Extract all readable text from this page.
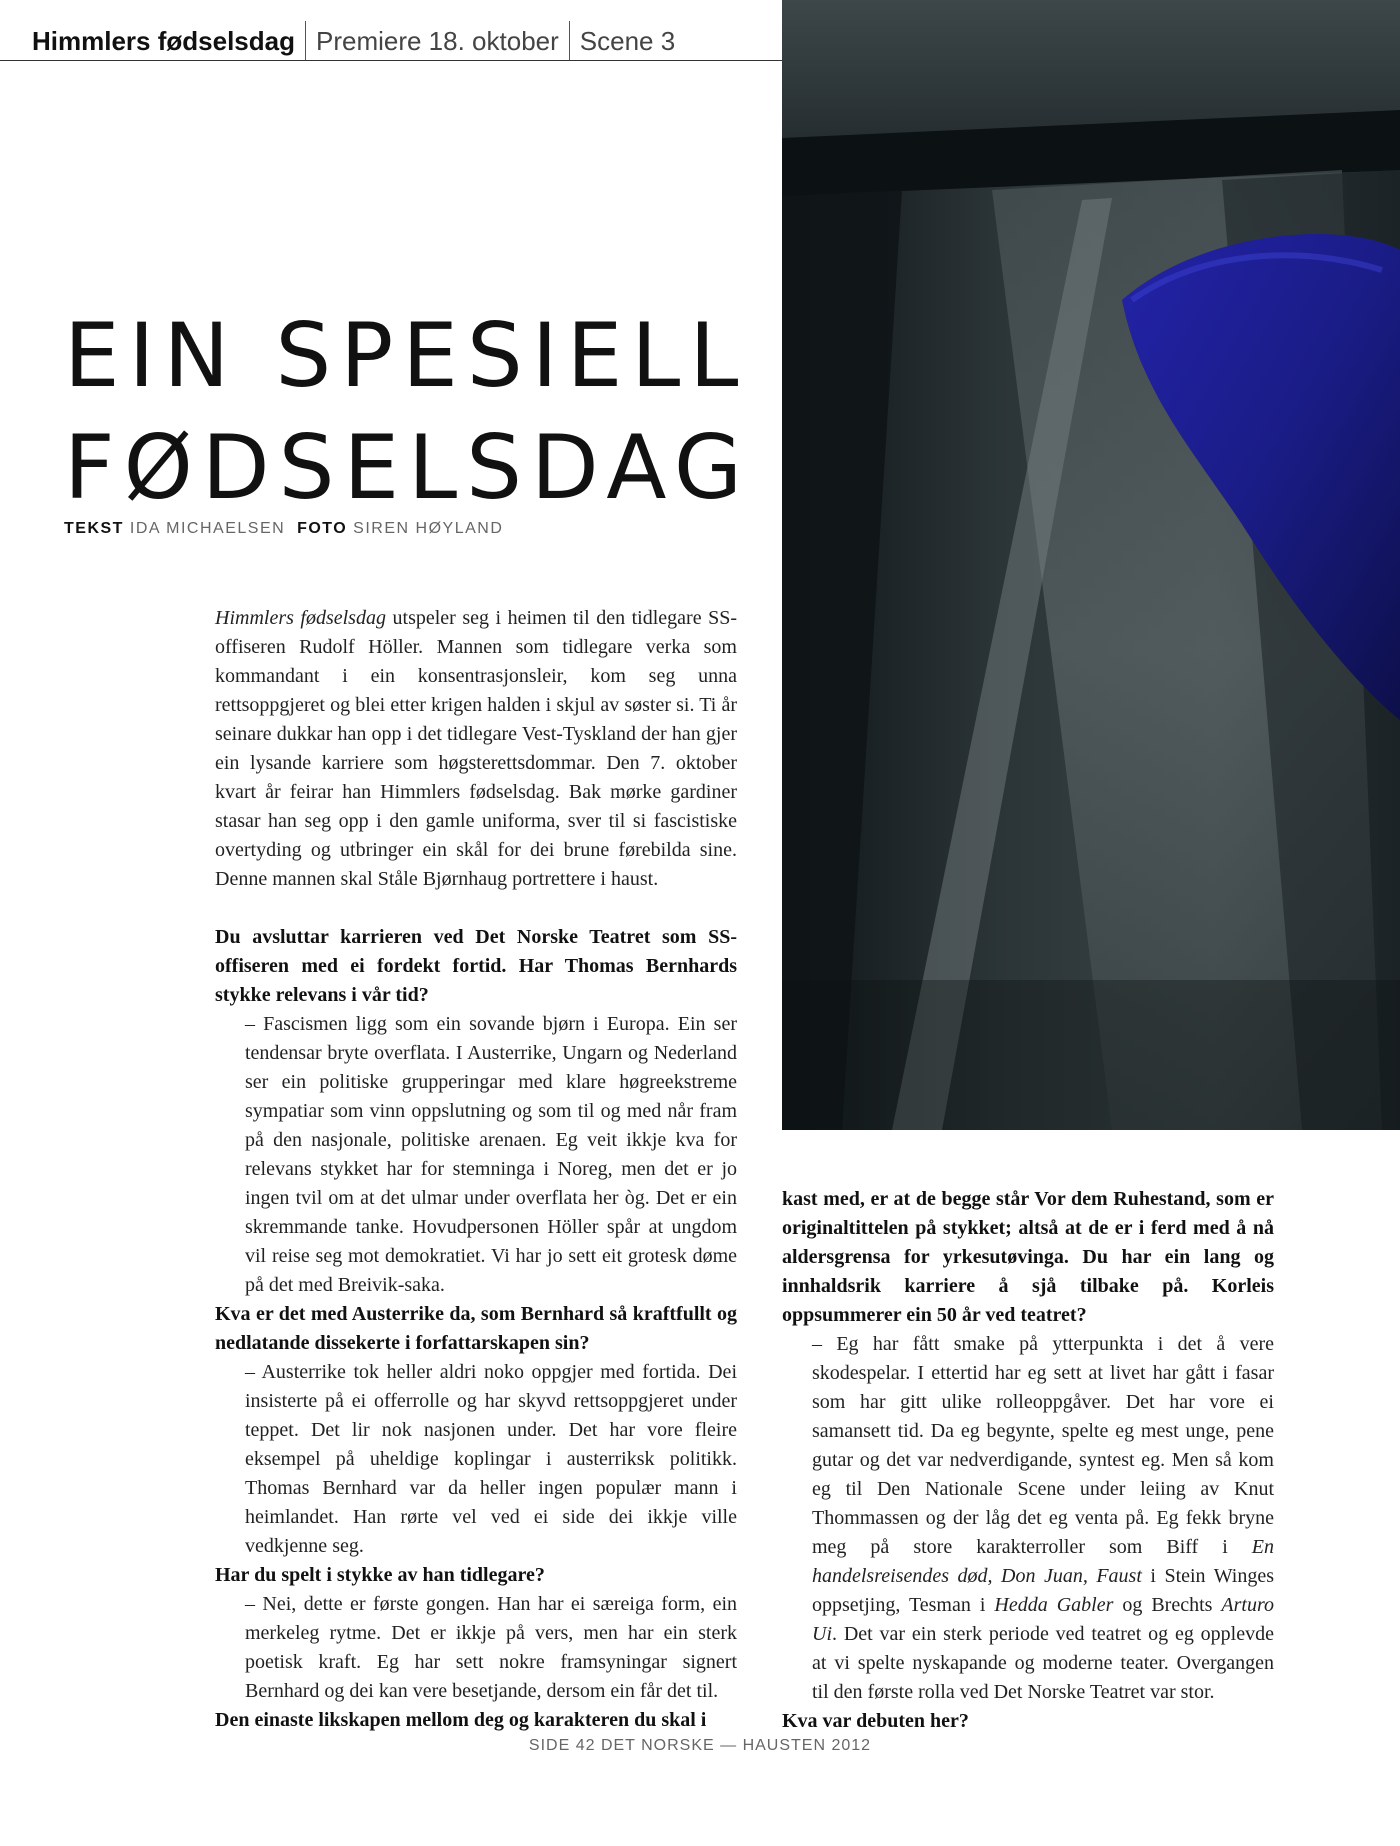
Himmlers fødselsdag Premiere 18. oktober Scene 3
EIN SPESIELL
FØDSELSDAG
TEKST IDA MICHAELSEN FOTO SIREN HØYLAND

Himmlers fødselsdag utspeler seg i heimen til den tidlegare SS-offiseren Rudolf Höller. Mannen som tidlegare verka som kommandant i ein konsentrasjonsleir, kom seg unna rettsoppgjeret og blei etter krigen halden i skjul av søster si. Ti år seinare dukkar han opp i det tidlegare Vest-Tyskland der han gjer ein lysande karriere som høgsterettsdommar. Den 7. oktober kvart år feirar han Himmlers fødselsdag. Bak mørke gardiner stasar han seg opp i den gamle uniforma, sver til si fascistiske overtyding og utbringer ein skål for dei brune førebilda sine. Denne mannen skal Ståle Bjørnhaug portrettere i haust.

Du avsluttar karrieren ved Det Norske Teatret som SS-offiseren med ei fordekt fortid. Har Thomas Bernhards stykke relevans i vår tid?

– Fascismen ligg som ein sovande bjørn i Europa. Ein ser tendensar bryte overflata. I Austerrike, Ungarn og Nederland ser ein politiske grupperingar med klare høgreekstreme sympatiar som vinn oppslutning og som til og med når fram på den nasjonale, politiske arenaen. Eg veit ikkje kva for relevans stykket har for stemninga i Noreg, men det er jo ingen tvil om at det ulmar under overflata her òg. Det er ein skremmande tanke. Hovudpersonen Höller spår at ungdom vil reise seg mot demokratiet. Vi har jo sett eit grotesk døme på det med Breivik-saka.

Kva er det med Austerrike da, som Bernhard så kraftfullt og nedlatande dissekerte i forfattarskapen sin?

– Austerrike tok heller aldri noko oppgjer med fortida. Dei insisterte på ei offerrolle og har skyvd rettsoppgjeret under teppet. Det lir nok nasjonen under. Det har vore fleire eksempel på uheldige koplingar i austerriksk politikk. Thomas Bernhard var da heller ingen populær mann i heimlandet. Han rørte vel ved ei side dei ikkje ville vedkjenne seg.

Har du spelt i stykke av han tidlegare?

– Nei, dette er første gongen. Han har ei særeiga form, ein merkeleg rytme. Det er ikkje på vers, men har ein sterk poetisk kraft. Eg har sett nokre framsyningar signert Bernhard og dei kan vere besetjande, dersom ein får det til.

Den einaste likskapen mellom deg og karakteren du skal i

kast med, er at de begge står Vor dem Ruhestand, som er originaltittelen på stykket; altså at de er i ferd med å nå aldersgrensa for yrkesutøvinga. Du har ein lang og innhaldsrik karriere å sjå tilbake på. Korleis oppsummerer ein 50 år ved teatret?

– Eg har fått smake på ytterpunkta i det å vere skodespelar. I ettertid har eg sett at livet har gått i fasar som har gitt ulike rolleoppgåver. Det har vore ei samansett tid. Da eg begynte, spelte eg mest unge, pene gutar og det var nedverdigande, syntest eg. Men så kom eg til Den Nationale Scene under leiing av Knut Thommassen og der låg det eg venta på. Eg fekk bryne meg på store karakterroller som Biff i En handelsreisendes død, Don Juan, Faust i Stein Winges oppsetjing, Tesman i Hedda Gabler og Brechts Arturo Ui. Det var ein sterk periode ved teatret og eg opplevde at vi spelte nyskapande og moderne teater. Overgangen til den første rolla ved Det Norske Teatret var stor.

Kva var debuten her?

SIDE 42 DET NORSKE — HAUSTEN 2012
